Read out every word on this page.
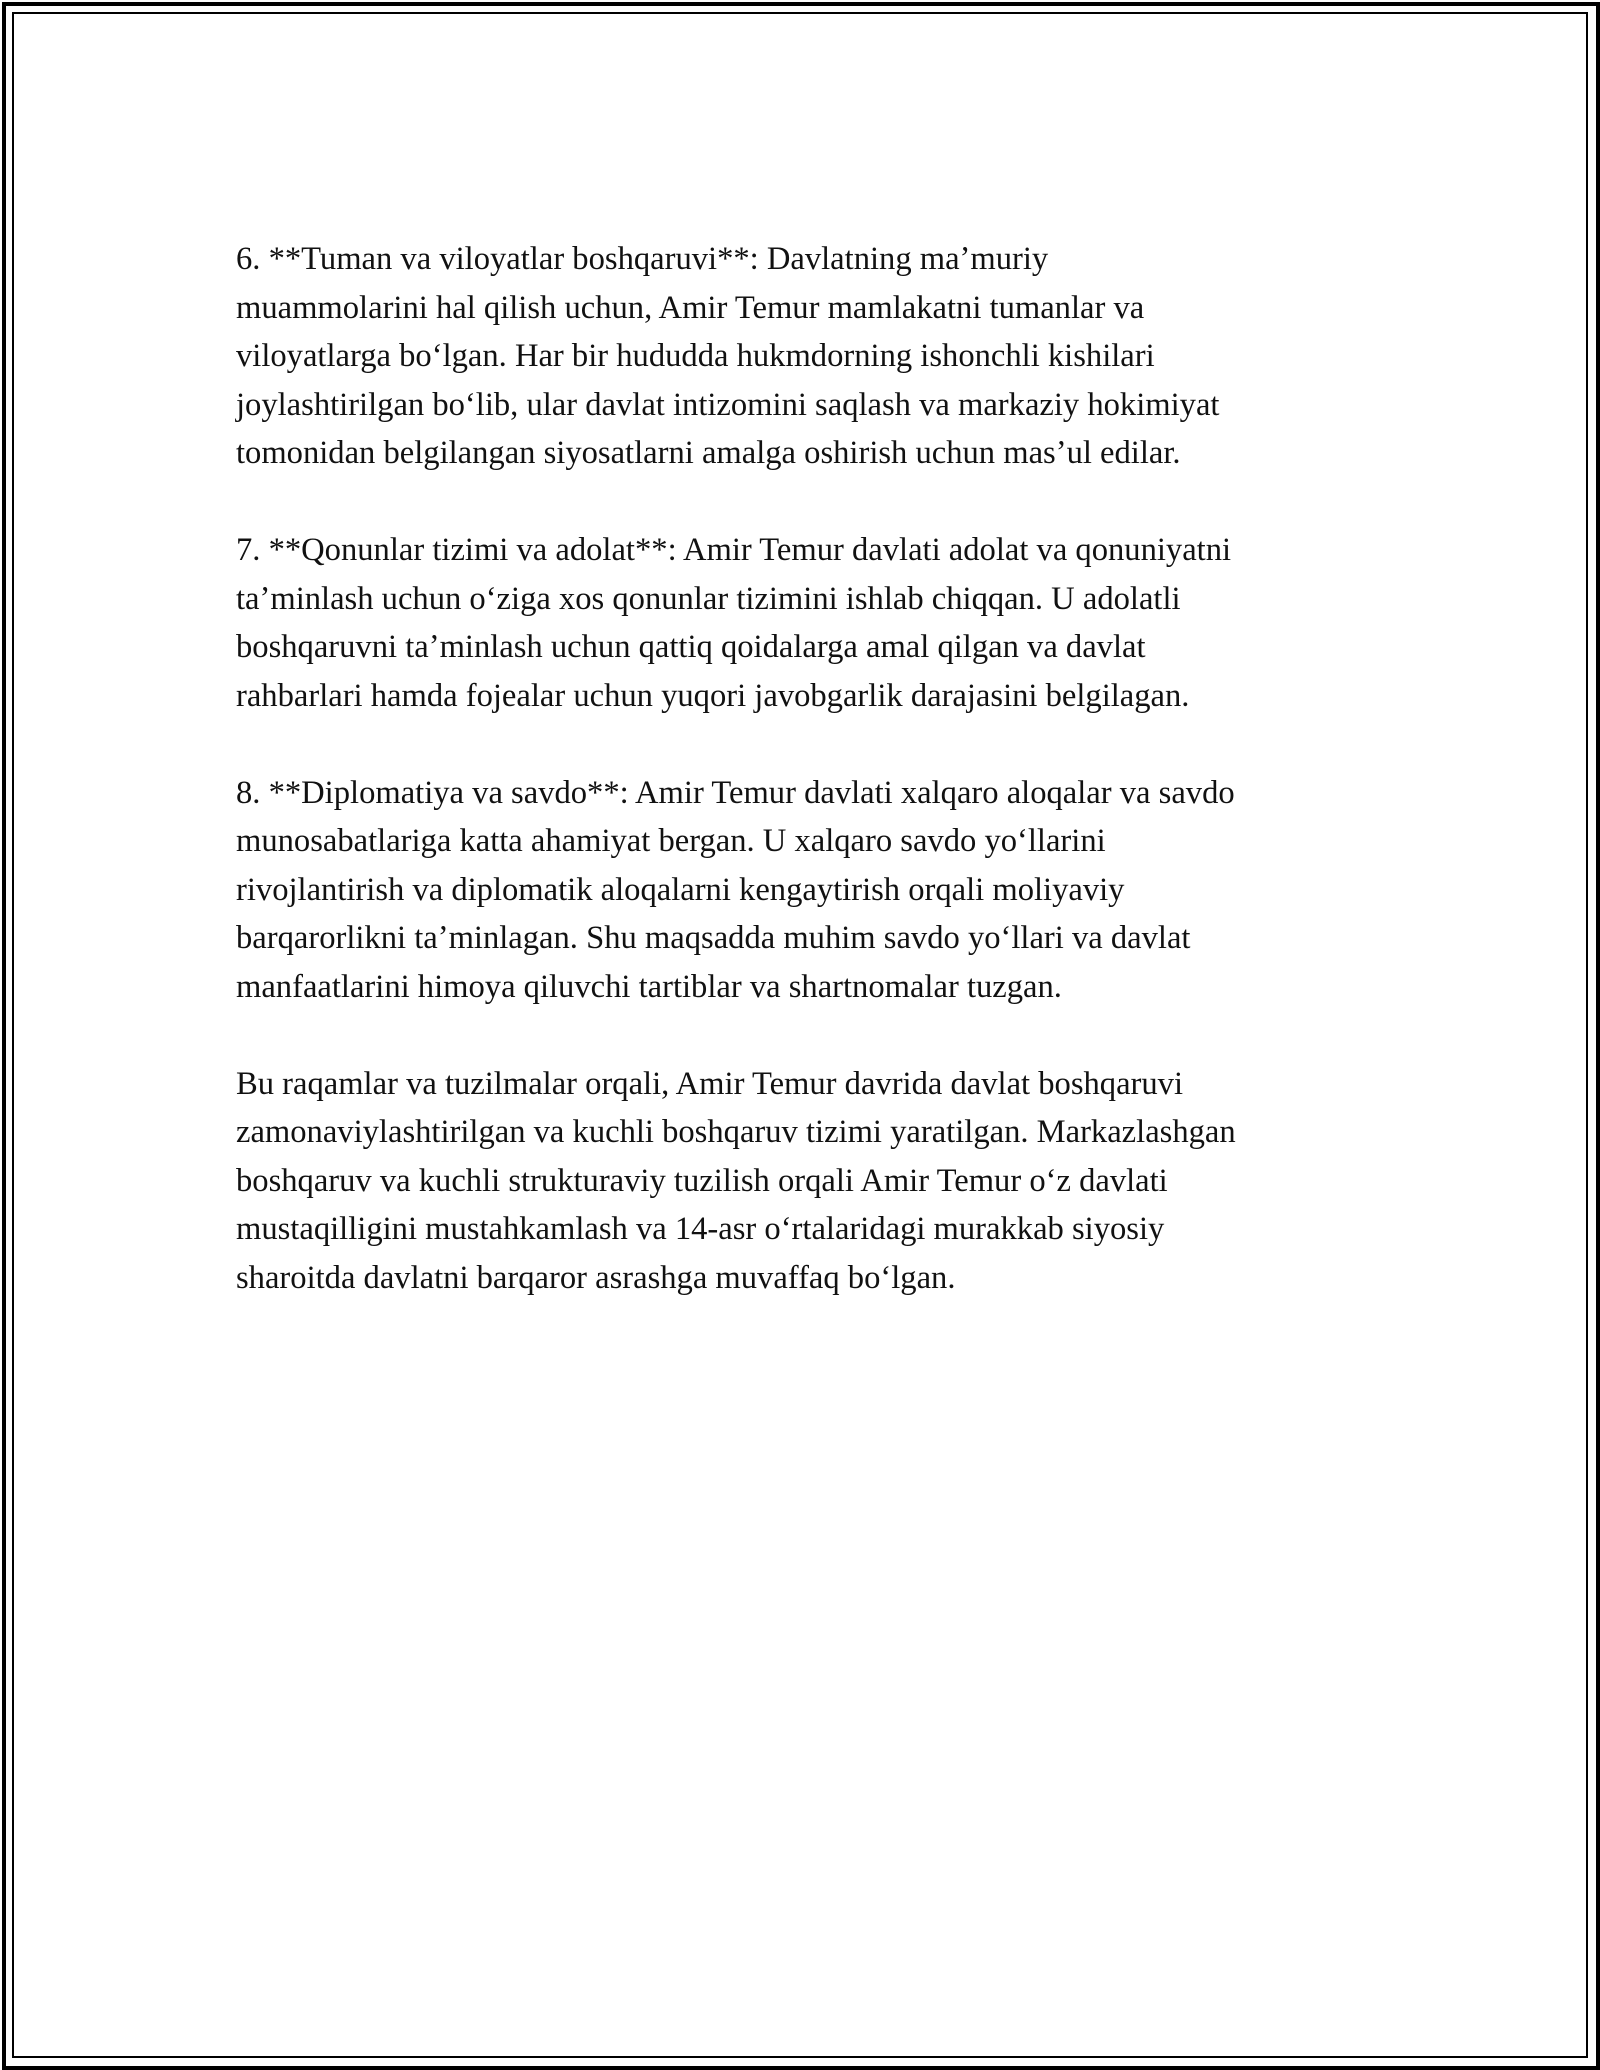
6. **Tuman va viloyatlar boshqaruvi**: Davlatning maʼmuriy
muammolarini hal qilish uchun, Amir Temur mamlakatni tumanlar va
viloyatlarga boʻlgan. Har bir hududda hukmdorning ishonchli kishilari
joylashtirilgan boʻlib, ular davlat intizomini saqlash va markaziy hokimiyat
tomonidan belgilangan siyosatlarni amalga oshirish uchun masʼul edilar.

7. **Qonunlar tizimi va adolat**: Amir Temur davlati adolat va qonuniyatni
taʼminlash uchun oʻziga xos qonunlar tizimini ishlab chiqqan. U adolatli
boshqaruvni taʼminlash uchun qattiq qoidalarga amal qilgan va davlat
rahbarlari hamda fojealar uchun yuqori javobgarlik darajasini belgilagan.

8. **Diplomatiya va savdo**: Amir Temur davlati xalqaro aloqalar va savdo
munosabatlariga katta ahamiyat bergan. U xalqaro savdo yoʻllarini
rivojlantirish va diplomatik aloqalarni kengaytirish orqali moliyaviy
barqarorlikni taʼminlagan. Shu maqsadda muhim savdo yoʻllari va davlat
manfaatlarini himoya qiluvchi tartiblar va shartnomalar tuzgan.

Bu raqamlar va tuzilmalar orqali, Amir Temur davrida davlat boshqaruvi
zamonaviylashtirilgan va kuchli boshqaruv tizimi yaratilgan. Markazlashgan
boshqaruv va kuchli strukturaviy tuzilish orqali Amir Temur oʻz davlati
mustaqilligini mustahkamlash va 14-asr oʻrtalaridagi murakkab siyosiy
sharoitda davlatni barqaror asrashga muvaffaq boʻlgan.
